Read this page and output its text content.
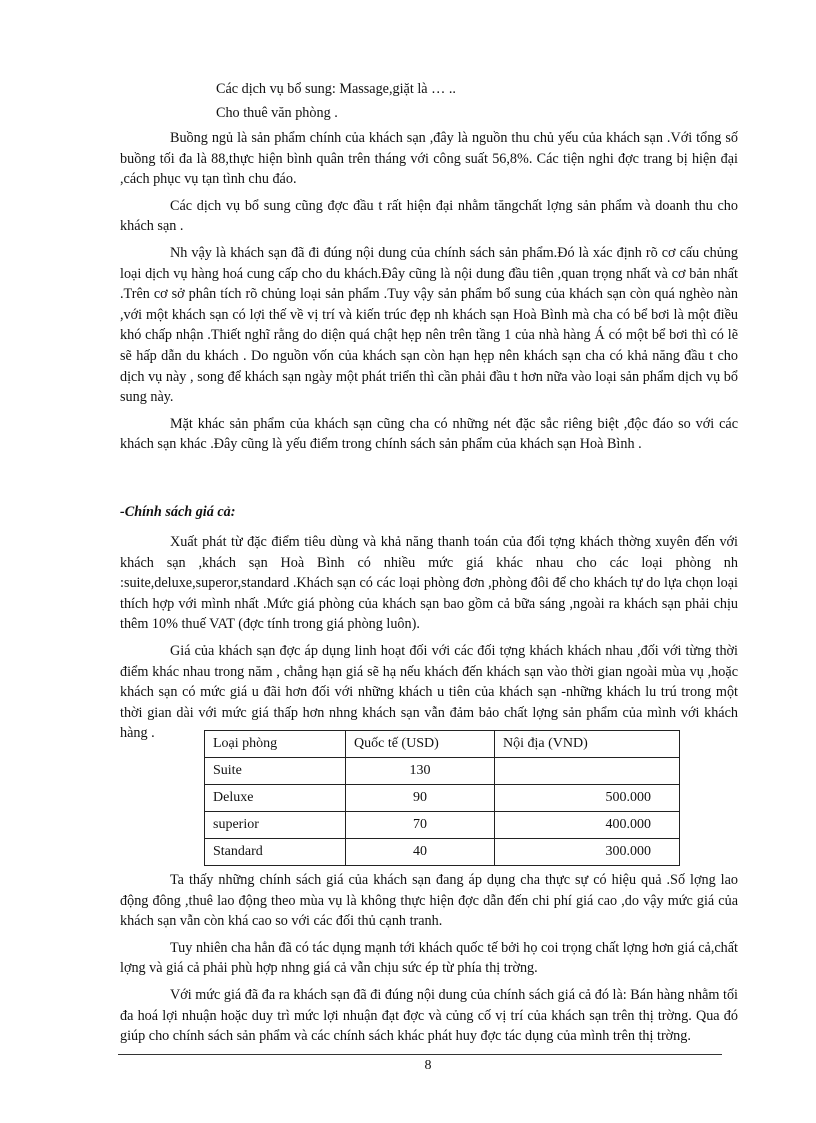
Các dịch vụ bổ sung: Massage,giặt là … ..
Cho thuê văn phòng .

Buồng ngủ là sản phẩm chính của khách sạn ,đây là nguồn thu chủ yếu của khách sạn .Với tổng số buồng tối đa là 88,thực hiện bình quân trên tháng với công suất 56,8%. Các tiện nghi đợc trang bị hiện đại ,cách phục vụ tạn tình chu đáo.

Các dịch vụ bổ sung cũng đợc đầu t rất hiện đại nhằm tăngchất lợng sản phẩm và doanh thu cho khách sạn .

Nh vậy là khách sạn đã đi đúng nội dung của chính sách sản phẩm.Đó là xác định rõ cơ cấu chủng loại dịch vụ hàng hoá cung cấp cho du khách.Đây cũng là nội dung đầu tiên ,quan trọng nhất và cơ bản nhất .Trên cơ sở phân tích rõ chủng loại sản phẩm .Tuy vậy sản phẩm bổ sung của khách sạn còn quá nghèo nàn ,với một khách sạn có lợi thế về vị trí và kiến trúc đẹp nh khách sạn Hoà Bình mà cha có bể bơi là một điều khó chấp nhận .Thiết nghĩ rằng do diện quá chật hẹp nên trên tầng 1 của nhà hàng Á có một bể bơi thì có lẽ sẽ hấp dẫn du khách . Do nguồn vốn của khách sạn còn hạn hẹp nên khách sạn cha có khả năng đầu t cho dịch vụ này , song để khách sạn ngày một phát triển thì cần phải đầu t hơn nữa vào loại sản phẩm dịch vụ bổ sung này.

Mặt khác sản phẩm của khách sạn cũng cha có những nét đặc sắc riêng biệt ,độc đáo so với các khách sạn khác .Đây cũng là yếu điểm trong chính sách sản phẩm của khách sạn Hoà Bình .

-Chính sách giá cả:

Xuất phát từ đặc điểm tiêu dùng và khả năng thanh toán của đối tợng khách thờng xuyên đến với khách sạn ,khách sạn Hoà Bình có nhiều mức giá khác nhau cho các loại phòng nh :suite,deluxe,superor,standard .Khách sạn có các loại phòng đơn ,phòng đôi để cho khách tự do lựa chọn loại thích hợp với mình nhất .Mức giá phòng của khách sạn bao gồm cả bữa sáng ,ngoài ra khách sạn phải chịu thêm 10% thuế VAT (đợc tính trong giá phòng luôn).

Giá của khách sạn đợc áp dụng linh hoạt đối với các đối tợng khách khách nhau ,đối với từng thời điểm khác nhau trong năm , chẳng hạn giá sẽ hạ nếu khách đến khách sạn vào thời gian ngoài mùa vụ ,hoặc khách sạn có mức giá u đãi hơn đối với những khách u tiên của khách sạn -những khách lu trú trong một thời gian dài với mức giá thấp hơn nhng khách sạn vẫn đảm bảo chất lợng sản phẩm của mình với khách hàng .

Loại phòng	Quốc tế (USD)	Nội địa (VND)
Suite	130	
Deluxe	90	500.000
superior	70	400.000
Standard	40	300.000

Ta thấy những chính sách giá của khách sạn đang áp dụng cha thực sự có hiệu quả .Số lợng lao động đông ,thuê lao động theo mùa vụ là không thực hiện đợc dẫn đến chi phí giá cao ,do vậy mức giá của khách sạn vẫn còn khá cao so với các đối thủ cạnh tranh.

Tuy nhiên cha hẳn đã có tác dụng mạnh tới khách quốc tế bởi họ coi trọng chất lợng hơn giá cả,chất lợng và giá cả phải phù hợp nhng giá cả vẫn chịu sức ép từ phía thị trờng.

Với mức giá đã đa ra khách sạn đã đi đúng nội dung của chính sách giá cả đó là: Bán hàng nhằm tối đa hoá lợi nhuận hoặc duy trì mức lợi nhuận đạt đợc và củng cố vị trí của khách sạn trên thị trờng. Qua đó giúp cho chính sách sản phẩm và các chính sách khác phát huy đợc tác dụng của mình trên thị trờng.

8
